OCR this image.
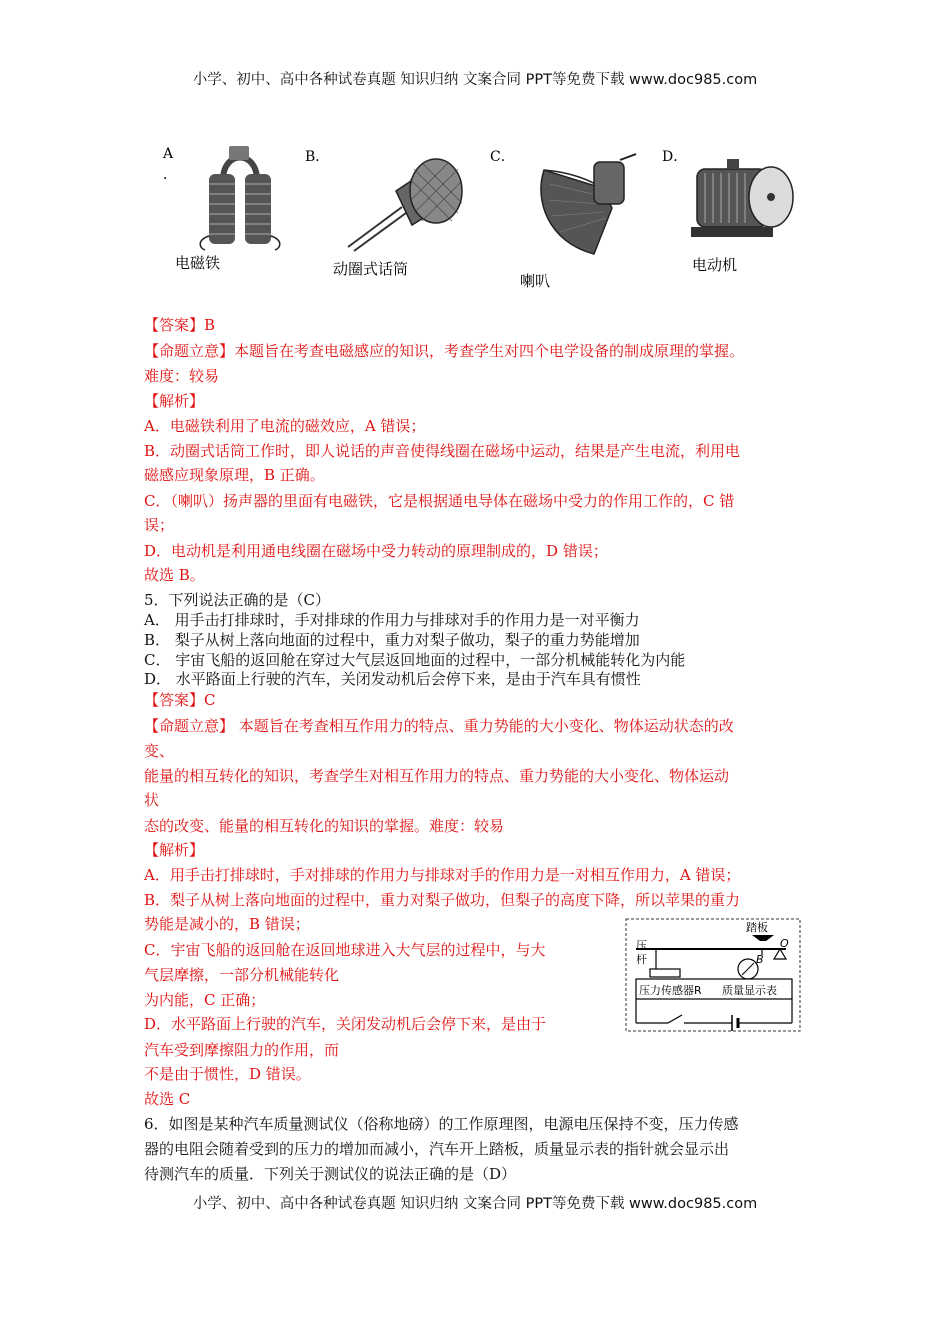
小学、初中、高中各种试卷真题 知识归纳 文案合同 PPT等免费下载 www.doc985.com
A
．
B．	C．	D．
电磁铁	动圈式话筒
喇叭
电动机
【答案】B
【命题立意】本题旨在考查电磁感应的知识，考查学生对四个电学设备的制成原理的掌握。
难度：较易
【解析】
A．电磁铁利用了电流的磁效应，A 错误；
B．动圈式话筒工作时，即人说话的声音使得线圈在磁场中运动，结果是产生电流，利用电
磁感应现象原理，B 正确。
C．（喇叭）扬声器的里面有电磁铁，它是根据通电导体在磁场中受力的作用工作的，C 错
误；
D．电动机是利用通电线圈在磁场中受力转动的原理制成的，D 错误；
故选 B。
5．下列说法正确的是（C）
A． 用手击打排球时，手对排球的作用力与排球对手的作用力是一对平衡力
B． 梨子从树上落向地面的过程中，重力对梨子做功，梨子的重力势能增加
C． 宇宙飞船的返回舱在穿过大气层返回地面的过程中，一部分机械能转化为内能
D． 水平路面上行驶的汽车，关闭发动机后会停下来，是由于汽车具有惯性
【答案】C
【命题立意】 本题旨在考查相互作用力的特点、重力势能的大小变化、物体运动状态的改
变、
能量的相互转化的知识，考查学生对相互作用力的特点、重力势能的大小变化、物体运动
状
态的改变、能量的相互转化的知识的掌握。难度：较易
【解析】
A．用手击打排球时，手对排球的作用力与排球对手的作用力是一对相互作用力，A 错误；
B．梨子从树上落向地面的过程中，重力对梨子做功，但梨子的高度下降，所以苹果的重力
势能是减小的，B 错误；
C．宇宙飞船的返回舱在返回地球进入大气层的过程中，与大
气层摩擦，一部分机械能转化
为内能，C 正确；
D．水平路面上行驶的汽车，关闭发动机后会停下来，是由于
汽车受到摩擦阻力的作用，而
不是由于惯性，D 错误。
故选 C
踏板
O
B
压
杆
压力传感器R 质量显示表
6．如图是某种汽车质量测试仪（俗称地磅）的工作原理图，电源电压保持不变，压力传感
器的电阻会随着受到的压力的增加而减小，汽车开上踏板，质量显示表的指针就会显示出
待测汽车的质量．下列关于测试仪的说法正确的是（D）
小学、初中、高中各种试卷真题 知识归纳 文案合同 PPT等免费下载 www.doc985.com
